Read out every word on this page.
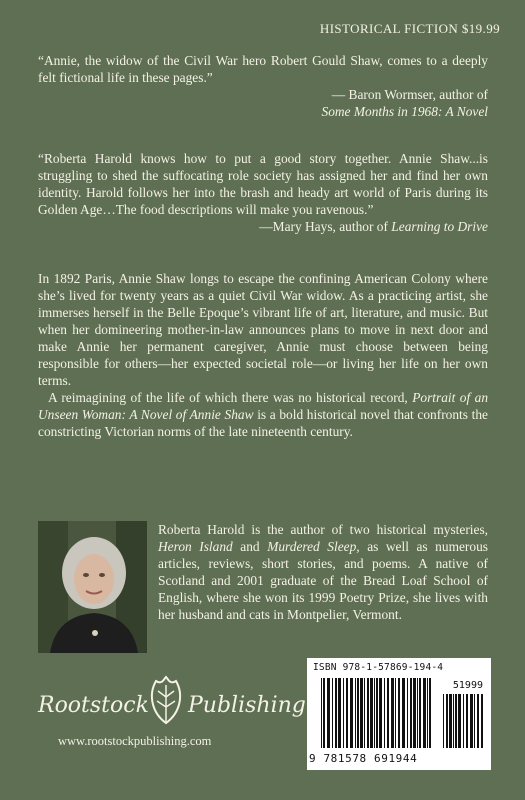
HISTORICAL FICTION $19.99

“Annie, the widow of the Civil War hero Robert Gould Shaw, comes to a deeply felt fictional life in these pages.”

— Baron Wormser, author of
Some Months in 1968: A Novel

“Roberta Harold knows how to put a good story together. Annie Shaw...is struggling to shed the suffocating role society has assigned her and find her own identity. Harold follows her into the brash and heady art world of Paris during its Golden Age…The food descriptions will make you ravenous.”

—Mary Hays, author of Learning to Drive

In 1892 Paris, Annie Shaw longs to escape the confining American Colony where she’s lived for twenty years as a quiet Civil War widow. As a practicing artist, she immerses herself in the Belle Epoque’s vibrant life of art, literature, and music. But when her domineering mother-in-law announces plans to move in next door and make Annie her permanent caregiver, Annie must choose between being responsible for others—her expected societal role—or living her life on her own terms.

A reimagining of the life of which there was no historical record, Portrait of an Unseen Woman: A Novel of Annie Shaw is a bold historical novel that confronts the constricting Victorian norms of the late nineteenth century.

Roberta Harold is the author of two historical mysteries, Heron Island and Murdered Sleep, as well as numerous articles, reviews, short stories, and poems. A native of Scotland and 2001 graduate of the Bread Loaf School of English, where she won its 1999 Poetry Prize, she lives with her husband and cats in Montpelier, Vermont.
Rootstock Publishing
www.rootstockpublishing.com
ISBN 978-1-57869-194-4
51999
9 781578 691944
